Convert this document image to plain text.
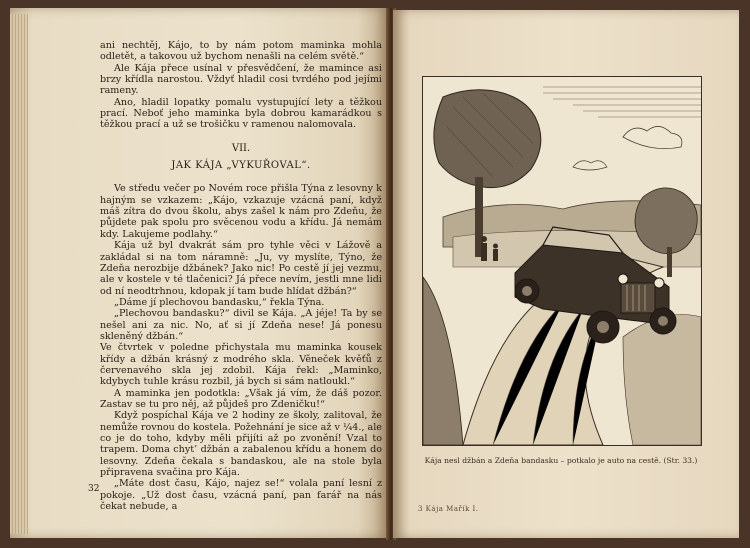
ani nechtěj, Kájo, to by nám potom maminka mohla odletět, a takovou už bychom nenašli na celém světě.“

Ale Kája přece usínal v přesvědčení, že mamince asi brzy křídla narostou. Vždyť hladil cosi tvrdého pod jejími rameny.

Ano, hladil lopatky pomalu vystupující lety a těžkou prací. Neboť jeho maminka byla dobrou kamarádkou s těžkou prací a už se trošičku v ramenou nalomovala.

VII.
JAK KÁJA „VYKUŘOVAL“.

Ve středu večer po Novém roce přišla Týna z lesovny k hajným se vzkazem: „Kájo, vzkazuje vzácná paní, když máš zítra do dvou školu, abys zašel k nám pro Zdeňu, že půjdete pak spolu pro svěcenou vodu a křídu. Já nemám kdy. Lakujeme podlahy.“

Kája už byl dvakrát sám pro tyhle věci v Lážově a zakládal si na tom náramně: „Ju, vy myslíte, Týno, že Zdeňa nerozbije džbánek? Jako nic! Po cestě jí jej vezmu, ale v kostele v té tlačenici? Já přece nevím, jestli mne lidi od ní neodtrhnou, kdopak jí tam bude hlídat džbán?“

„Dáme jí plechovou bandasku,“ řekla Týna.

„Plechovou bandasku?“ divil se Kája. „A jéje! Ta by se nešel ani za nic. No, ať si jí Zdeňa nese! Já ponesu skleněný džbán.“

Ve čtvrtek v poledne přichystala mu maminka kousek křídy a džbán krásný z modrého skla. Věneček kvěťů z červenavého skla jej zdobil. Kája řekl: „Maminko, kdybych tuhle krásu rozbil, já bych si sám natloukl.“

A maminka jen podotkla: „Však já vím, že dáš pozor. Zastav se tu pro něj, až půjdeš pro Zdeničku!“

Když pospíchal Kája ve 2 hodiny ze školy, zalitoval, že nemůže rovnou do kostela. Požehnání je sice až v ¼4., ale co je do toho, kdyby měli přijíti až po zvonění! Vzal to trapem. Doma chyt’ džbán a zabalenou křídu a honem do lesovny. Zdeňa čekala s bandaskou, ale na stole byla připravena svačina pro Kája.

„Máte dost času, Kájo, najez se!“ volala paní lesní z pokoje. „Už dost času, vzácná paní, pan farář na nás čekat nebude, a

32
Kája nesl džbán a Zdeňa bandasku – potkalo je auto na cestě. (Str. 33.)
3 Kája Mařík I.
